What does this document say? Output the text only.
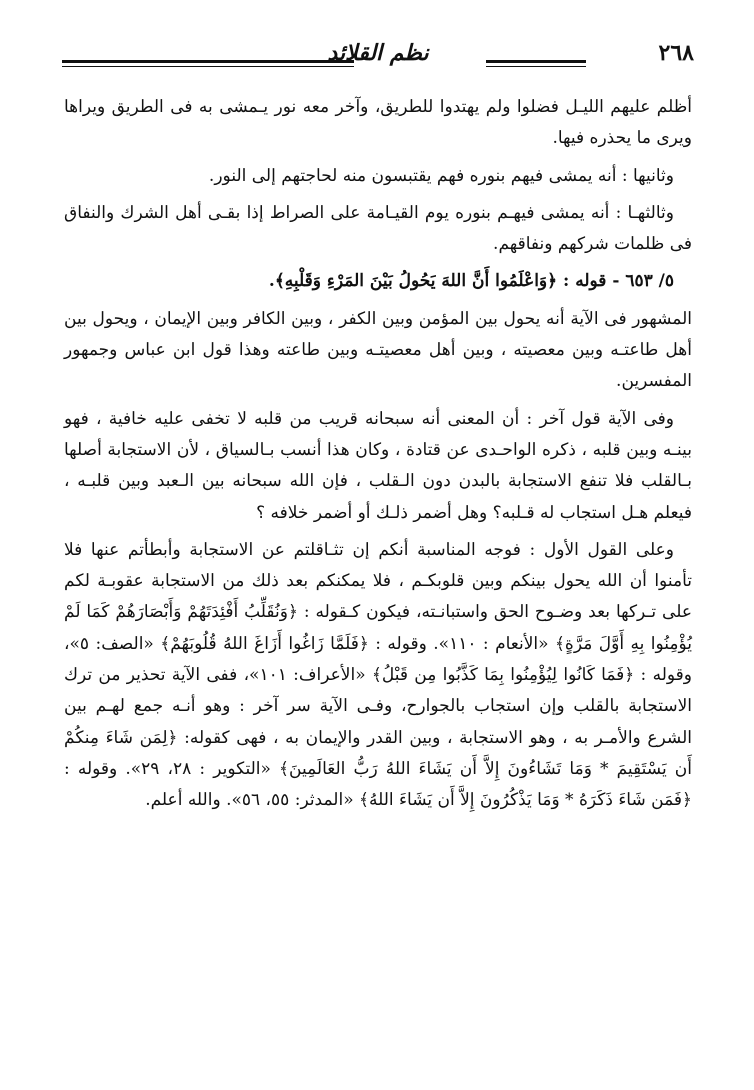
٢٦٨
نظم القلائد

أظلم عليهم الليـل فضلوا ولم يهتدوا للطريق، وآخر معه نور يـمشى به فى الطريق ويراها ويرى ما يحذره فيها.

وثانيها : أنه يمشى فيهم بنوره فهم يقتبسون منه لحاجتهم إلى النور.

وثالثهـا : أنه يمشى فيهـم بنوره يوم القيـامة على الصراط إذا بقـى أهل الشرك والنفاق فى ظلمات شركهم ونفاقهم.

٥/ ٦٥٣ - قوله : ﴿وَاعْلَمُوا أَنَّ اللهَ يَحُولُ بَيْنَ المَرْءِ وَقَلْبِهِ﴾.

المشهور فى الآية أنه يحول بين المؤمن وبين الكفر ، وبين الكافر وبين الإيمان ، ويحول بين أهل طاعتـه وبين معصيته ، وبين أهل معصيتـه وبين طاعته وهذا قول ابن عباس وجمهور المفسرين.

وفى الآية قول آخر : أن المعنى أنه سبحانه قريب من قلبه لا تخفى عليه خافية ، فهو بينـه وبين قلبه ، ذكره الواحـدى عن قتادة ، وكان هذا أنسب بـالسياق ، لأن الاستجابة أصلها بـالقلب فلا تنفع الاستجابة بالبدن دون الـقلب ، فإن الله سبحانه بين الـعبد وبين قلبـه ، فيعلم هـل استجاب له قـلبه؟ وهل أضمر ذلـك أو أضمر خلافه ؟

وعلى القول الأول : فوجه المناسبة أنكم إن تثـاقلتم عن الاستجابة وأبطأتم عنها فلا تأمنوا أن الله يحول بينكم وبين قلوبكـم ، فلا يمكنكم بعد ذلك من الاستجابة عقوبـة لكم على تـركها بعد وضـوح الحق واستبانـته، فيكون كـقوله : ﴿وَنُقَلِّبُ أَفْئِدَتَهُمْ وَأَبْصَارَهُمْ كَمَا لَمْ يُؤْمِنُوا بِهِ أَوَّلَ مَرَّةٍ﴾ «الأنعام : ١١٠». وقوله : ﴿فَلَمَّا زَاغُوا أَزَاغَ اللهُ قُلُوبَهُمْ﴾ «الصف: ٥»، وقوله : ﴿فَمَا كَانُوا لِيُؤْمِنُوا بِمَا كَذَّبُوا مِن قَبْلُ﴾ «الأعراف: ١٠١»، ففى الآية تحذير من ترك الاستجابة بالقلب وإن استجاب بالجوارح، وفـى الآية سر آخر : وهو أنـه جمع لهـم بين الشرع والأمـر به ، وهو الاستجابة ، وبين القدر والإيمان به ، فهى كقوله: ﴿لِمَن شَاءَ مِنكُمْ أَن يَسْتَقِيمَ * وَمَا تَشَاءُونَ إِلاَّ أَن يَشَاءَ اللهُ رَبُّ العَالَمِينَ﴾ «التكوير : ٢٨، ٢٩». وقوله : ﴿فَمَن شَاءَ ذَكَرَهُ * وَمَا يَذْكُرُونَ إِلاَّ أَن يَشَاءَ اللهُ﴾ «المدثر: ٥٥، ٥٦». والله أعلم.
